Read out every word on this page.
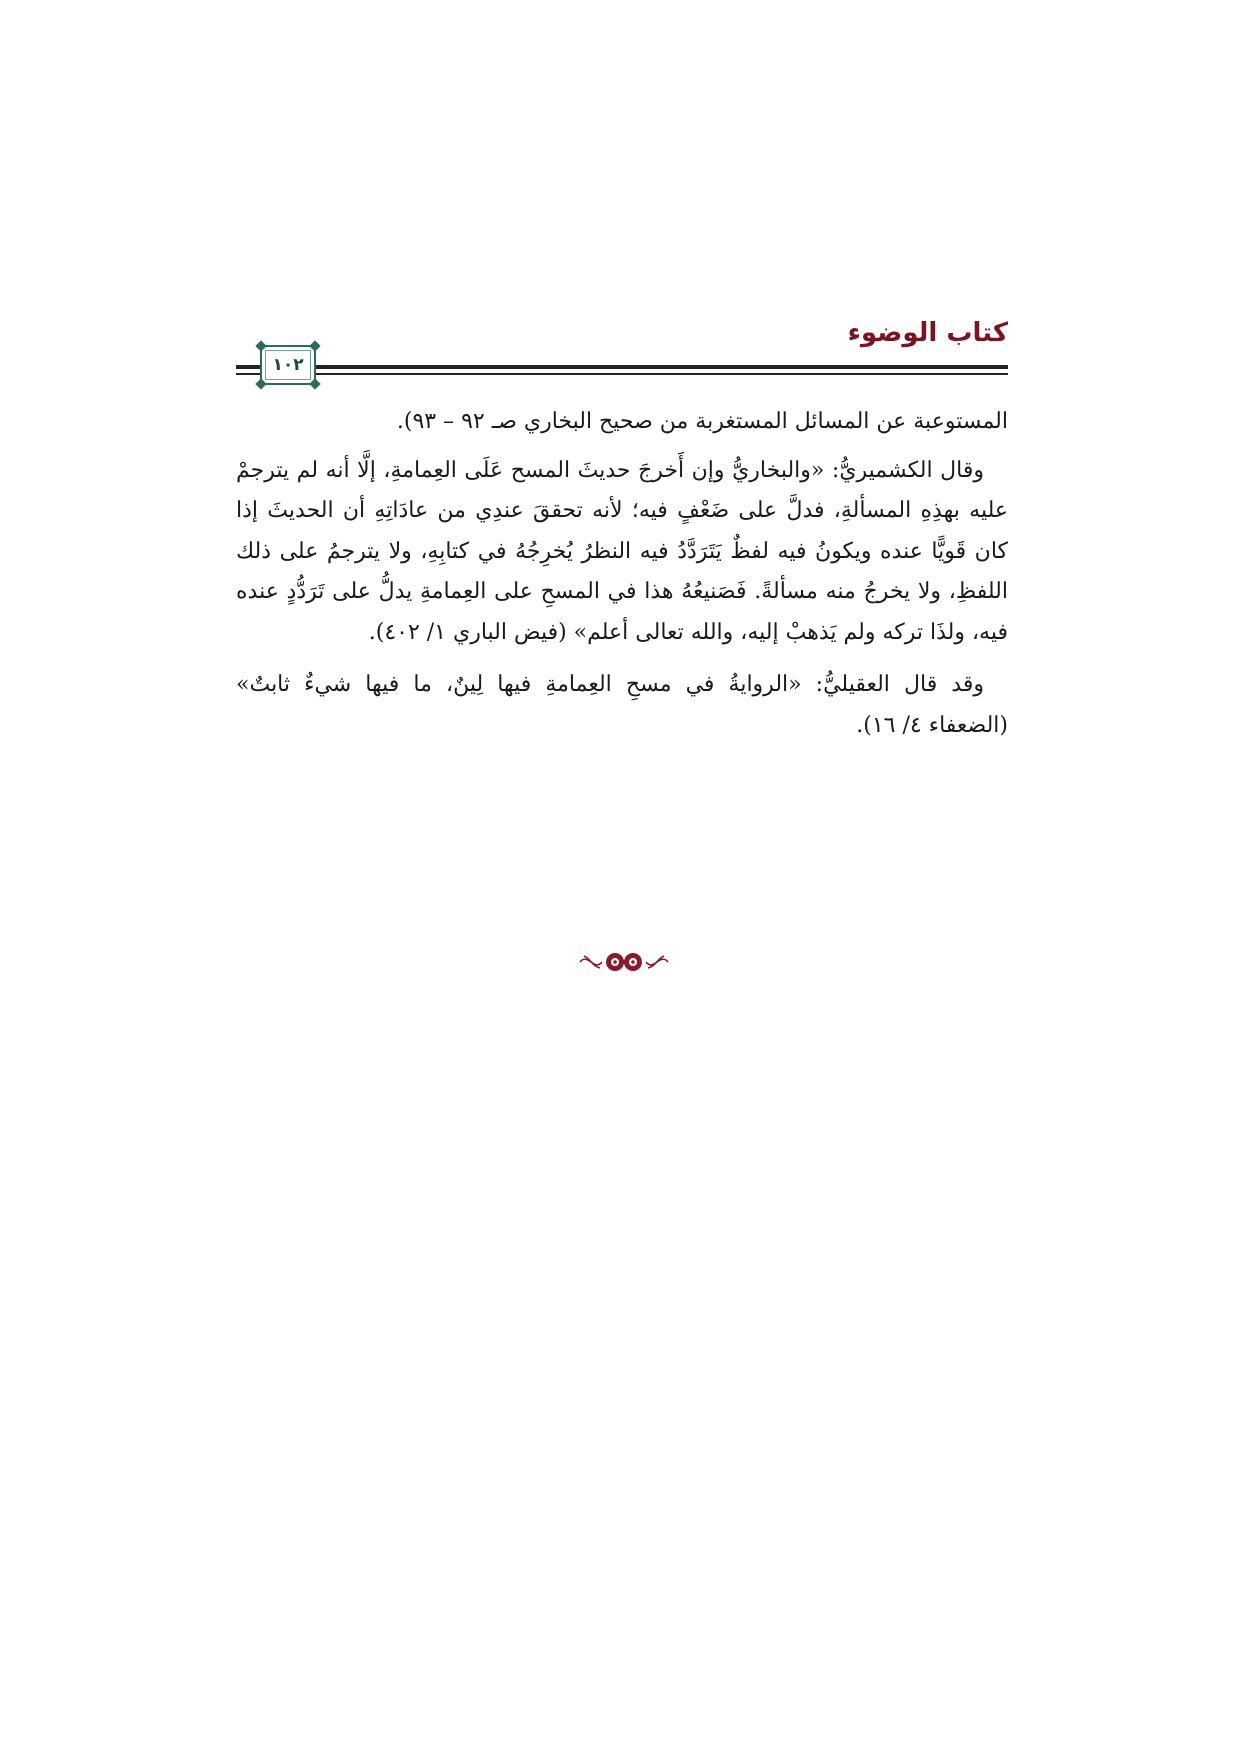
كتاب الوضوء
١٠٢

المستوعبة عن المسائل المستغربة من صحيح البخاري صـ ٩٢ – ٩٣).

وقال الكشميريُّ: «والبخاريُّ وإن أَخرجَ حديثَ المسح عَلَى العِمامةِ، إلَّا أنه لم يترجمْ عليه بهذِهِ المسألةِ، فدلَّ على ضَعْفٍ فيه؛ لأنه تحققَ عندِي من عادَاتِهِ أن الحديثَ إذا كان قَويًّا عنده ويكونُ فيه لفظٌ يَتَرَدَّدُ فيه النظرُ يُخرِجُهُ في كتابِهِ، ولا يترجمُ على ذلك اللفظِ، ولا يخرجُ منه مسألةً. فَصَنيعُهُ هذا في المسحِ على العِمامةِ يدلُّ على تَرَدُّدٍ عنده فيه، ولذَا تركه ولم يَذهبْ إليه، والله تعالى أعلم» (فيض الباري ١/ ٤٠٢).

وقد قال العقيليُّ: «الروايةُ في مسحِ العِمامةِ فيها لِينٌ، ما فيها شيءٌ ثابتٌ» (الضعفاء ٤/ ١٦).
